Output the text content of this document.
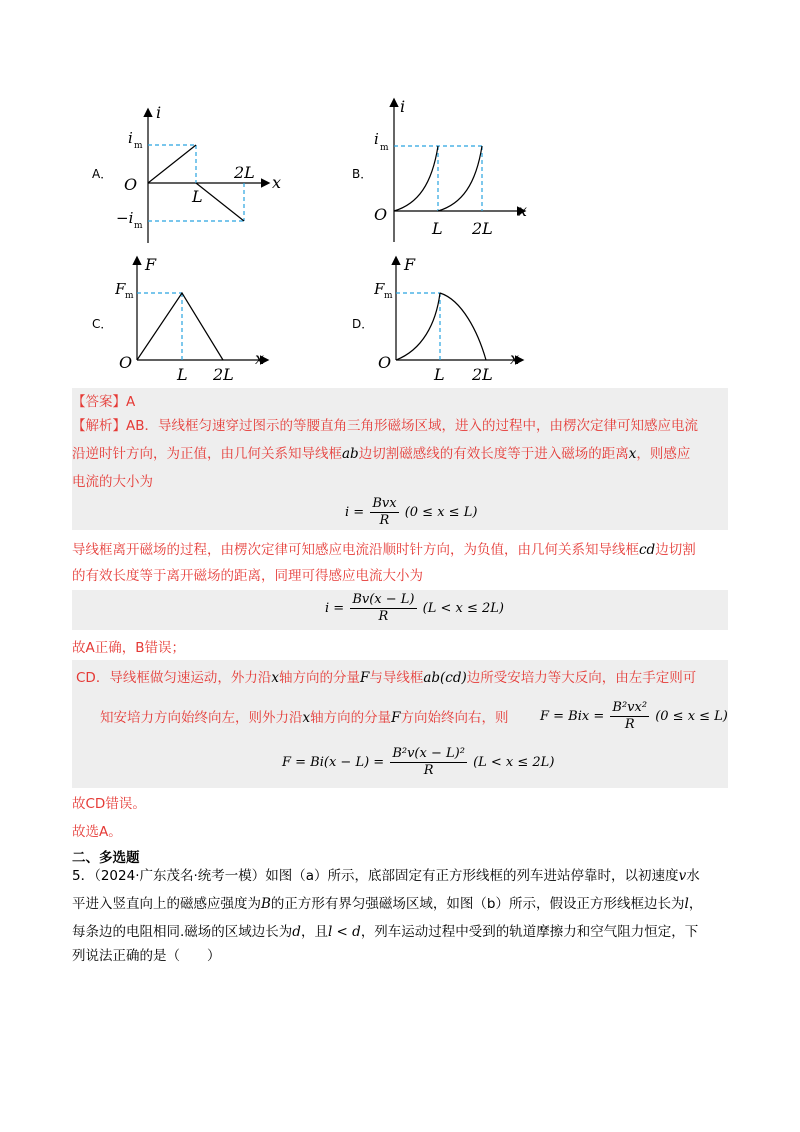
A．
i
i m
O
L
2L
x
−i m
B．
i
i m
O
L 2L
x
C．
F
F m
O
L 2L
x
D．
F
F m
O
L 2L
x
【答案】A
【解析】AB．导线框匀速穿过图示的等腰直角三角形磁场区域，进入的过程中，由楞次定律可知感应电流
沿逆时针方向，为正值，由几何关系知导线框ab边切割磁感线的有效长度等于进入磁场的距离x，则感应
电流的大小为
$i = \frac{\text{Bvx}}{R} (0 \le x \le L)$
导线框离开磁场的过程，由楞次定律可知感应电流沿顺时针方向，为负值，由几何关系知导线框cd边切割
的有效长度等于离开磁场的距离，同理可得感应电流大小为
$i = \frac{Bv(x - L)}{R} (L < x \le 2L)$
故A正确，B错误；
CD．导线框做匀速运动，外力沿x轴方向的分量F与导线框ab(cd)边所受安培力等大反向，由左手定则可
知安培力方向始终向左，则外力沿x轴方向的分量F方向始终向右，则 F = Bix = $\frac{\text{B²vx²}}{R} (0 \le x \le L)$
$F = Bi(x - L) = \frac{\text{B²v(x − L)²}}{R} (L < x \le 2L)$
故CD错误。
故选A。
二、多选题
5．（2024·广东茂名·统考一模）如图（a）所示，底部固定有正方形线框的列车进站停靠时，以初速度v水
平进入竖直向上的磁感应强度为B的正方形有界匀强磁场区域，如图（b）所示，假设正方形线框边长为l，
每条边的电阻相同.磁场的区域边长为d，且l < d，列车运动过程中受到的轨道摩擦力和空气阻力恒定，下
列说法正确的是（　　）
